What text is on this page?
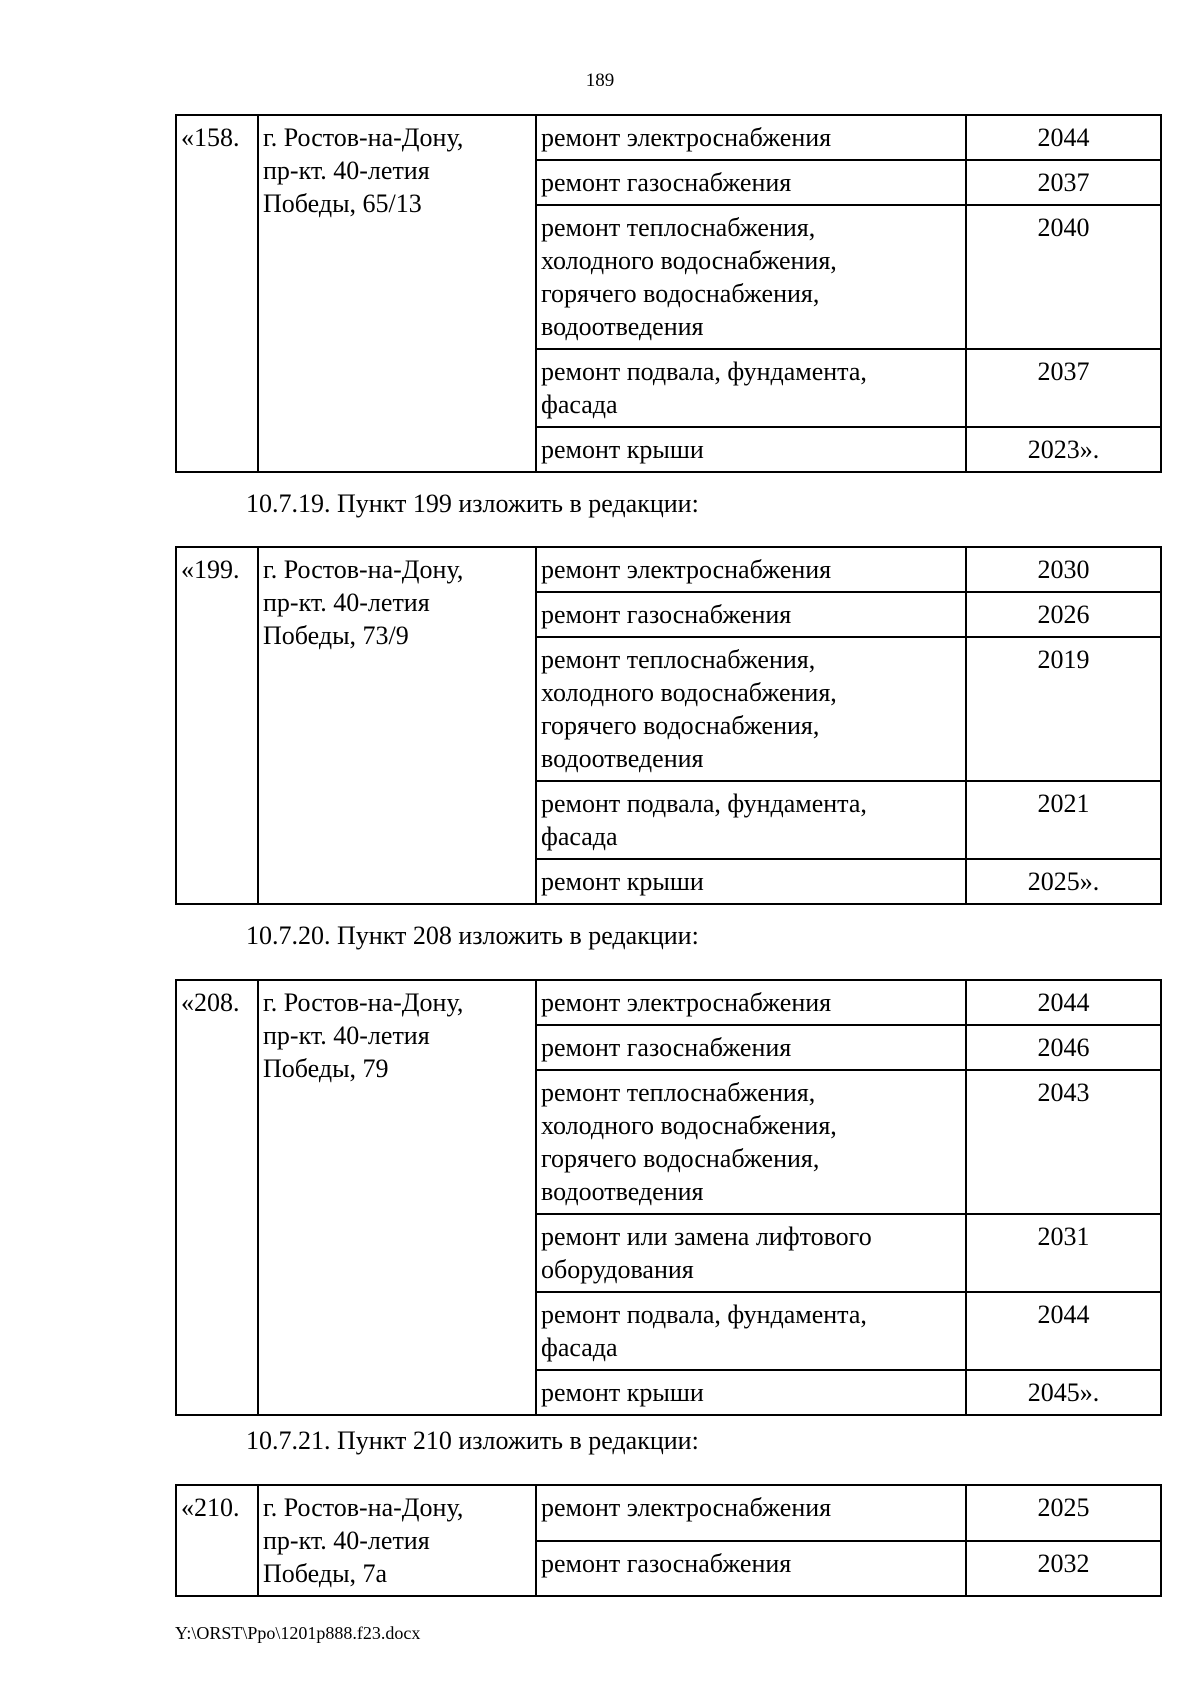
189
«158.	г. Ростов-на-Дону,
пр-кт. 40-летия
Победы, 65/13	ремонт электроснабжения	2044

		ремонт газоснабжения	2037

		ремонт теплоснабжения,
холодного водоснабжения,
горячего водоснабжения,
водоотведения	2040

		ремонт подвала, фундамента,
фасада	2037

		ремонт крыши	2023».
10.7.19. Пункт 199 изложить в редакции:
«199.	г. Ростов-на-Дону,
пр-кт. 40-летия
Победы, 73/9	ремонт электроснабжения	2030

		ремонт газоснабжения	2026

		ремонт теплоснабжения,
холодного водоснабжения,
горячего водоснабжения,
водоотведения	2019

		ремонт подвала, фундамента,
фасада	2021

		ремонт крыши	2025».
10.7.20. Пункт 208 изложить в редакции:
«208.	г. Ростов-на-Дону,
пр-кт. 40-летия
Победы, 79	ремонт электроснабжения	2044

		ремонт газоснабжения	2046

		ремонт теплоснабжения,
холодного водоснабжения,
горячего водоснабжения,
водоотведения	2043

		ремонт или замена лифтового
оборудования	2031

		ремонт подвала, фундамента,
фасада	2044

		ремонт крыши	2045».
10.7.21. Пункт 210 изложить в редакции:
«210.	г. Ростов-на-Дону,
пр-кт. 40-летия
Победы, 7а	ремонт электроснабжения	2025

		ремонт газоснабжения	2032
Y:\ORST\Ppo\1201p888.f23.docx
